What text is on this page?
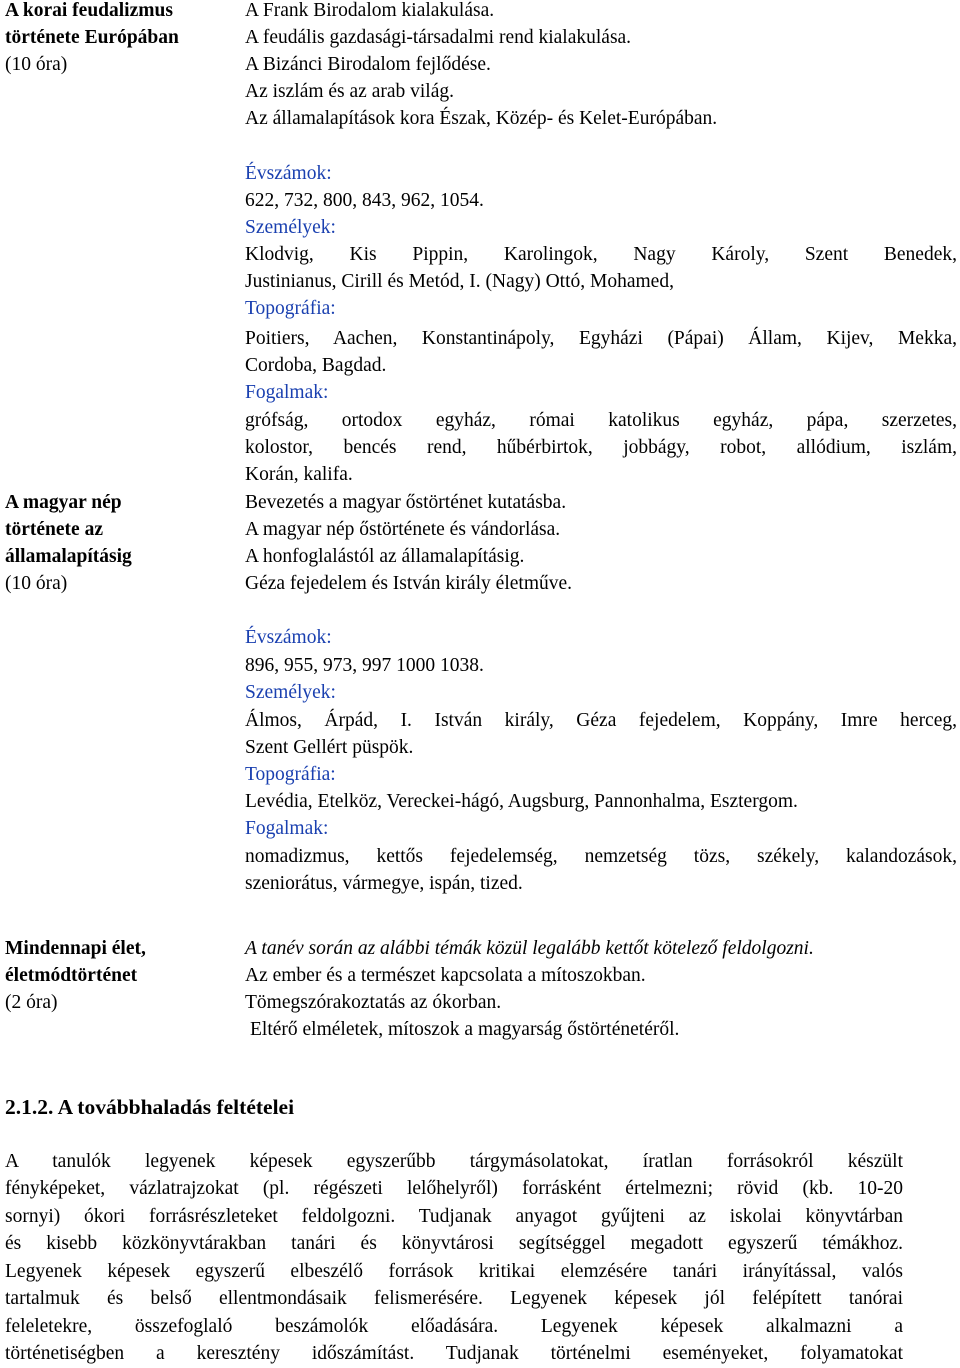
A korai feudalizmus
története Európában
(10 óra)
A Frank Birodalom kialakulása.
A feudális gazdasági-társadalmi rend kialakulása.
A Bizánci Birodalom fejlődése.
Az iszlám és az arab világ.
Az államalapítások kora Észak, Közép- és Kelet-Európában.
Évszámok:
622, 732, 800, 843, 962, 1054.
Személyek:
Klodvig, Kis Pippin, Karolingok, Nagy Károly, Szent Benedek,
Justinianus, Cirill és Metód, I. (Nagy) Ottó, Mohamed,
Topográfia:
Poitiers, Aachen, Konstantinápoly, Egyházi (Pápai) Állam, Kijev, Mekka,
Cordoba, Bagdad.
Fogalmak:
grófság, ortodox egyház, római katolikus egyház, pápa, szerzetes,
kolostor, bencés rend, hűbérbirtok, jobbágy, robot, allódium, iszlám,
Korán, kalifa.
A magyar nép
története az
államalapításig
(10 óra)
Bevezetés a magyar őstörténet kutatásba.
A magyar nép őstörténete és vándorlása.
A honfoglalástól az államalapításig.
Géza fejedelem és István király életműve.
Évszámok:
896, 955, 973, 997 1000 1038.
Személyek:
Álmos, Árpád, I. István király, Géza fejedelem, Koppány, Imre herceg,
Szent Gellért püspök.
Topográfia:
Levédia, Etelköz, Vereckei-hágó, Augsburg, Pannonhalma, Esztergom.
Fogalmak:
nomadizmus, kettős fejedelemség, nemzetség tözs, székely, kalandozások,
szeniorátus, vármegye, ispán, tized.
Mindennapi élet,
életmódtörténet
(2 óra)
A tanév során az alábbi témák közül legalább kettőt kötelező feldolgozni.
Az ember és a természet kapcsolata a mítoszokban.
Tömegszórakoztatás az ókorban.
Eltérő elméletek, mítoszok a magyarság őstörténetéről.
2.1.2. A továbbhaladás feltételei
A tanulók legyenek képesek egyszerűbb tárgymásolatokat, íratlan forrásokról készült
fényképeket, vázlatrajzokat (pl. régészeti lelőhelyről) forrásként értelmezni; rövid (kb. 10-20
sornyi) ókori forrásrészleteket feldolgozni. Tudjanak anyagot gyűjteni az iskolai könyvtárban
és kisebb közkönyvtárakban tanári és könyvtárosi segítséggel megadott egyszerű témákhoz.
Legyenek képesek egyszerű elbeszélő források kritikai elemzésére tanári irányítással, valós
tartalmuk és belső ellentmondásaik felismerésére. Legyenek képesek jól felépített tanórai
feleletekre, összefoglaló beszámolók előadására. Legyenek képesek alkalmazni a
történetiségben a keresztény időszámítást. Tudjanak történelmi eseményeket, folyamatokat
